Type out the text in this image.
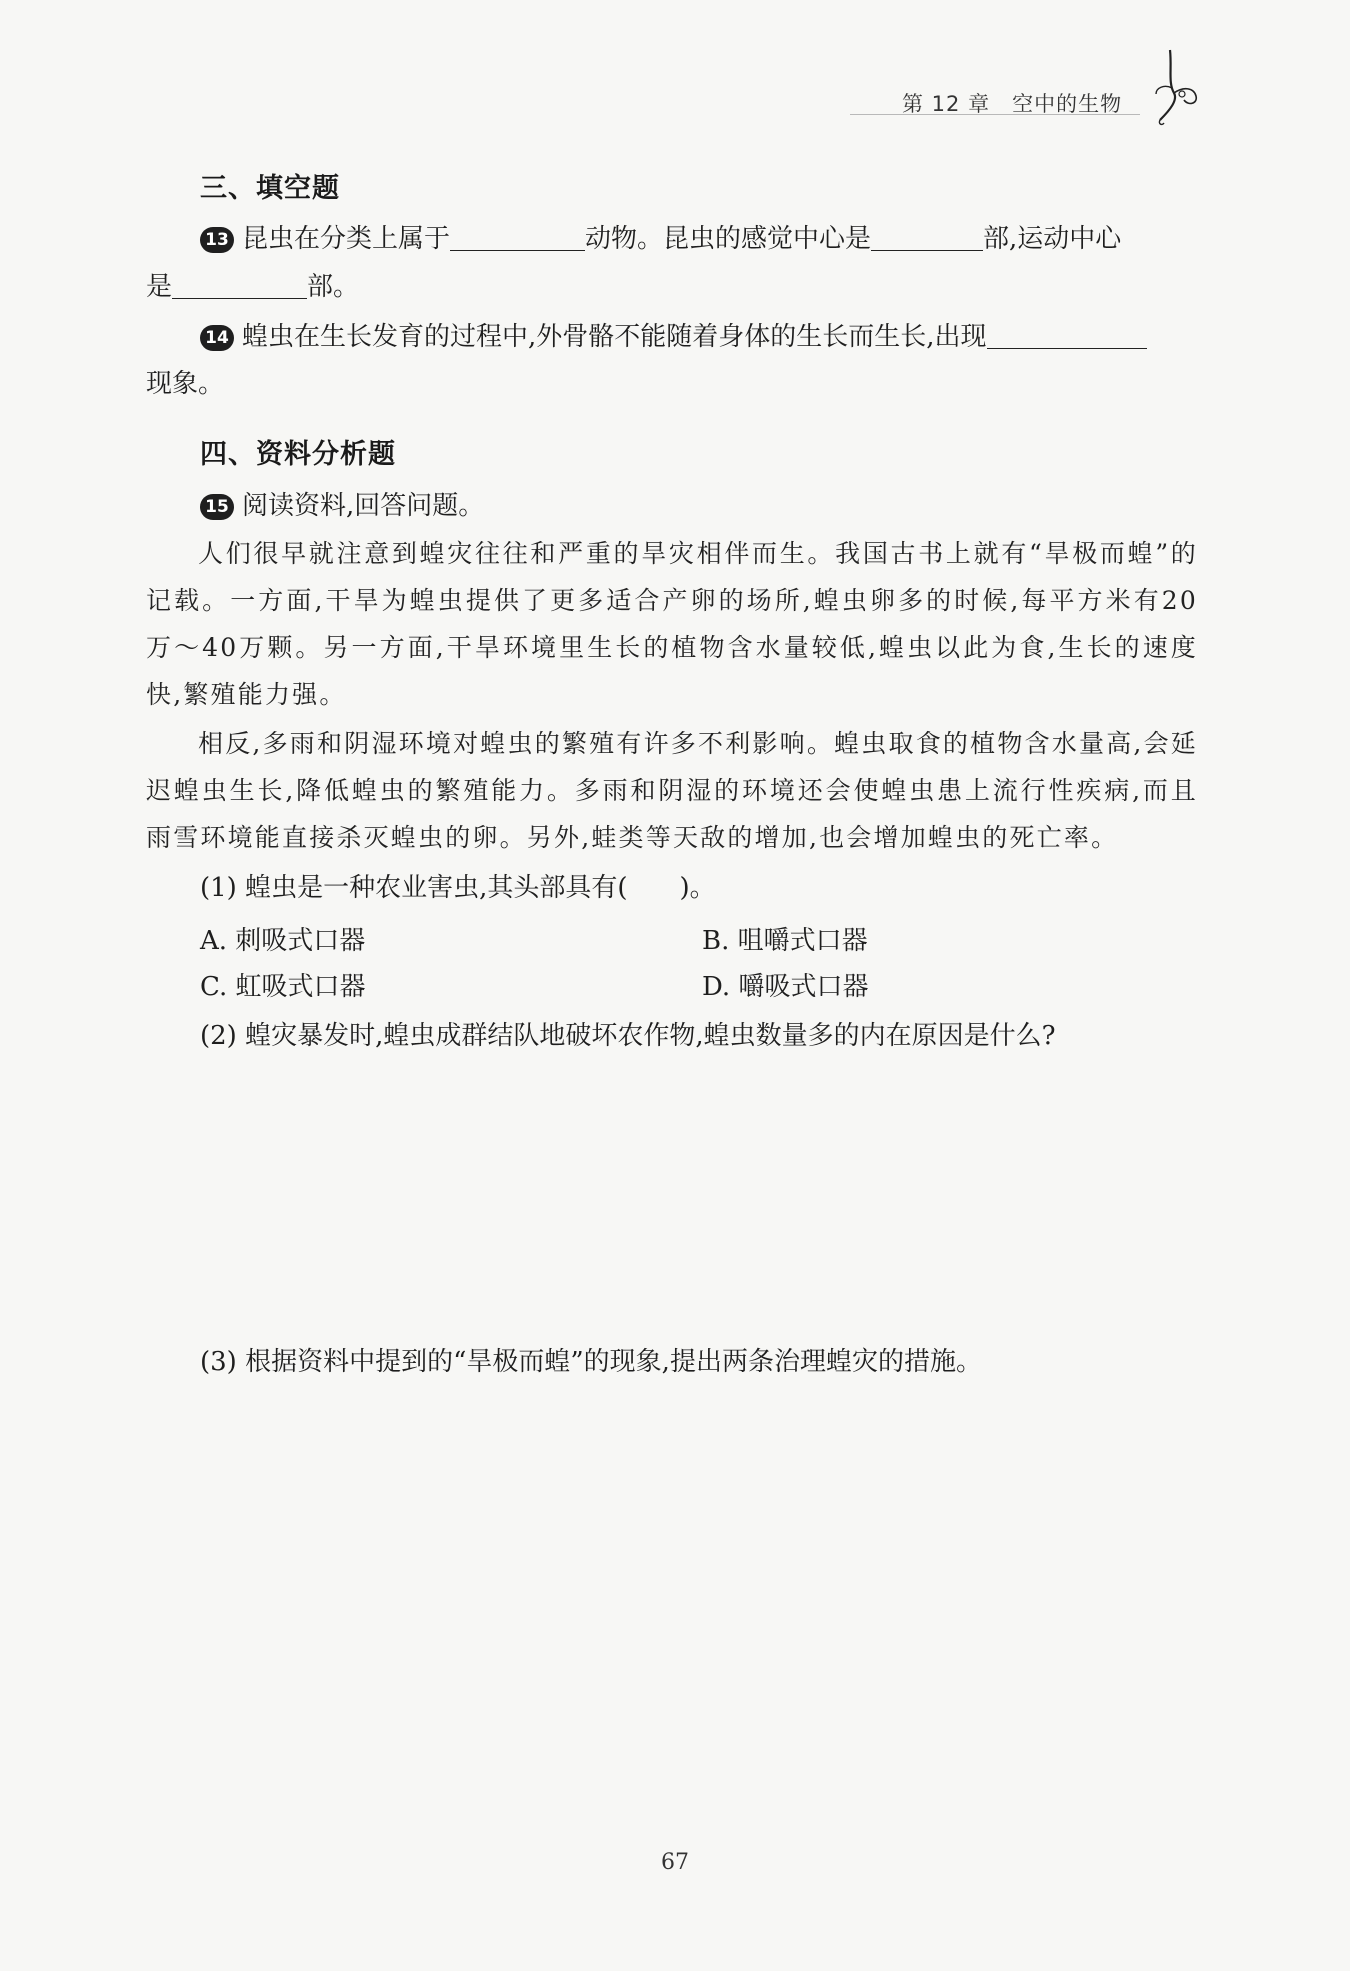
第 12 章 空中的生物
三、填空题
13 昆虫在分类上属于	动物。昆虫的感觉中心是	部,运动中心
是	部。
14 蝗虫在生长发育的过程中,外骨骼不能随着身体的生长而生长,出现
现象。
四、资料分析题
15 阅读资料,回答问题。
人们很早就注意到蝗灾往往和严重的旱灾相伴而生。我国古书上就有“旱极而蝗”的记载。一方面,干旱为蝗虫提供了更多适合产卵的场所,蝗虫卵多的时候,每平方米有20 万～40万颗。另一方面,干旱环境里生长的植物含水量较低,蝗虫以此为食,生长的速度快,繁殖能力强。
相反,多雨和阴湿环境对蝗虫的繁殖有许多不利影响。蝗虫取食的植物含水量高,会延迟蝗虫生长,降低蝗虫的繁殖能力。多雨和阴湿的环境还会使蝗虫患上流行性疾病,而且雨雪环境能直接杀灭蝗虫的卵。另外,蛙类等天敌的增加,也会增加蝗虫的死亡率。
(1) 蝗虫是一种农业害虫,其头部具有(　　)。
A. 刺吸式口器	B. 咀嚼式口器
C. 虹吸式口器	D. 嚼吸式口器
(2) 蝗灾暴发时,蝗虫成群结队地破坏农作物,蝗虫数量多的内在原因是什么?
(3) 根据资料中提到的“旱极而蝗”的现象,提出两条治理蝗灾的措施。
67
